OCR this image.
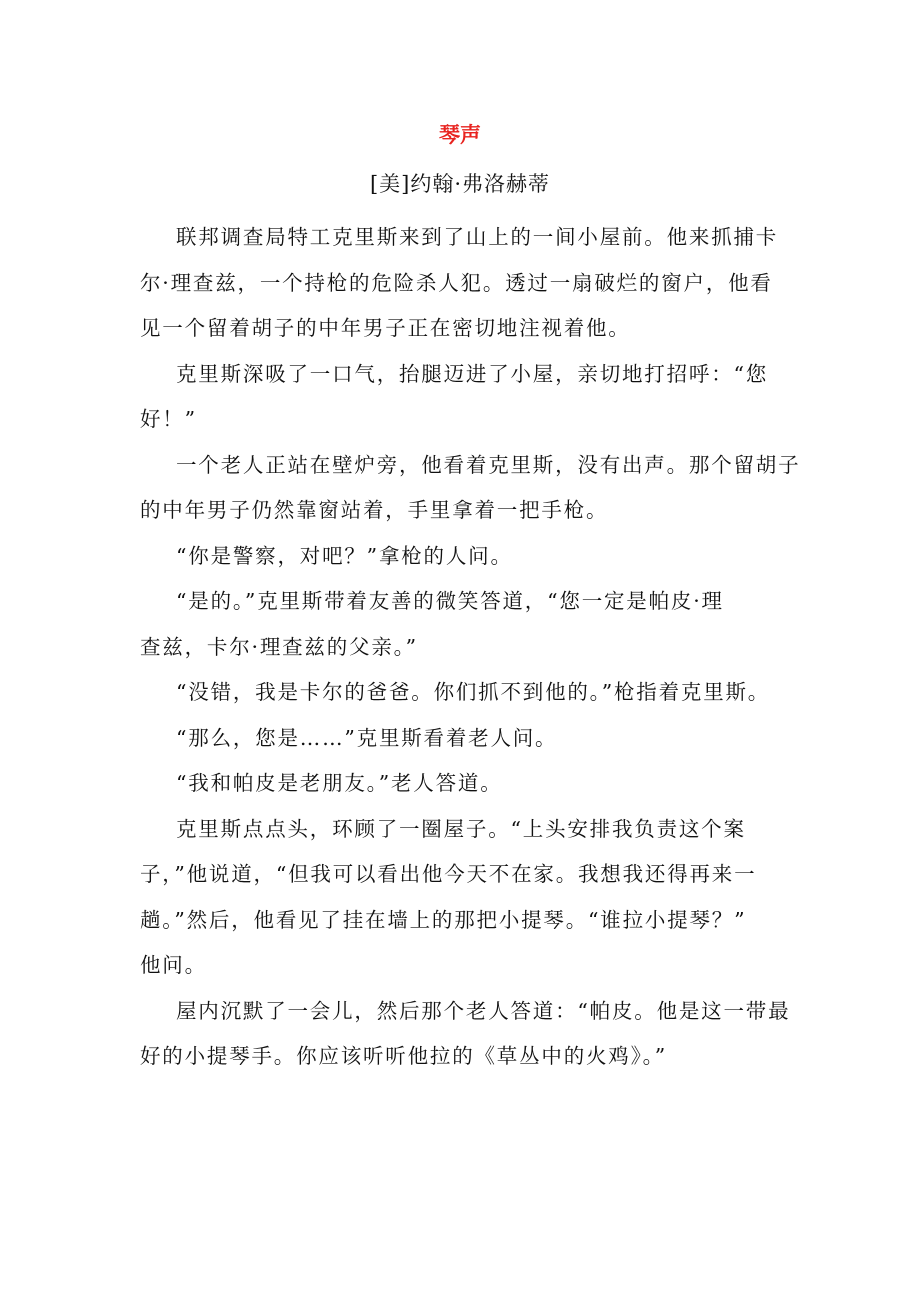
琴声
[美]约翰·弗洛赫蒂
联邦调查局特工克里斯来到了山上的一间小屋前。他来抓捕卡
尔·理查兹，一个持枪的危险杀人犯。透过一扇破烂的窗户，他看
见一个留着胡子的中年男子正在密切地注视着他。
克里斯深吸了一口气，抬腿迈进了小屋，亲切地打招呼：“您
好！”
一个老人正站在壁炉旁，他看着克里斯，没有出声。那个留胡子
的中年男子仍然靠窗站着，手里拿着一把手枪。
“你是警察，对吧？”拿枪的人问。
“是的。”克里斯带着友善的微笑答道，“您一定是帕皮·理
查兹，卡尔·理查兹的父亲。”
“没错，我是卡尔的爸爸。你们抓不到他的。”枪指着克里斯。
“那么，您是……”克里斯看着老人问。
“我和帕皮是老朋友。”老人答道。
克里斯点点头，环顾了一圈屋子。“上头安排我负责这个案
子，”他说道，“但我可以看出他今天不在家。我想我还得再来一
趟。”然后，他看见了挂在墙上的那把小提琴。“谁拉小提琴？”
他问。
屋内沉默了一会儿，然后那个老人答道：“帕皮。他是这一带最
好的小提琴手。你应该听听他拉的《草丛中的火鸡》。”
